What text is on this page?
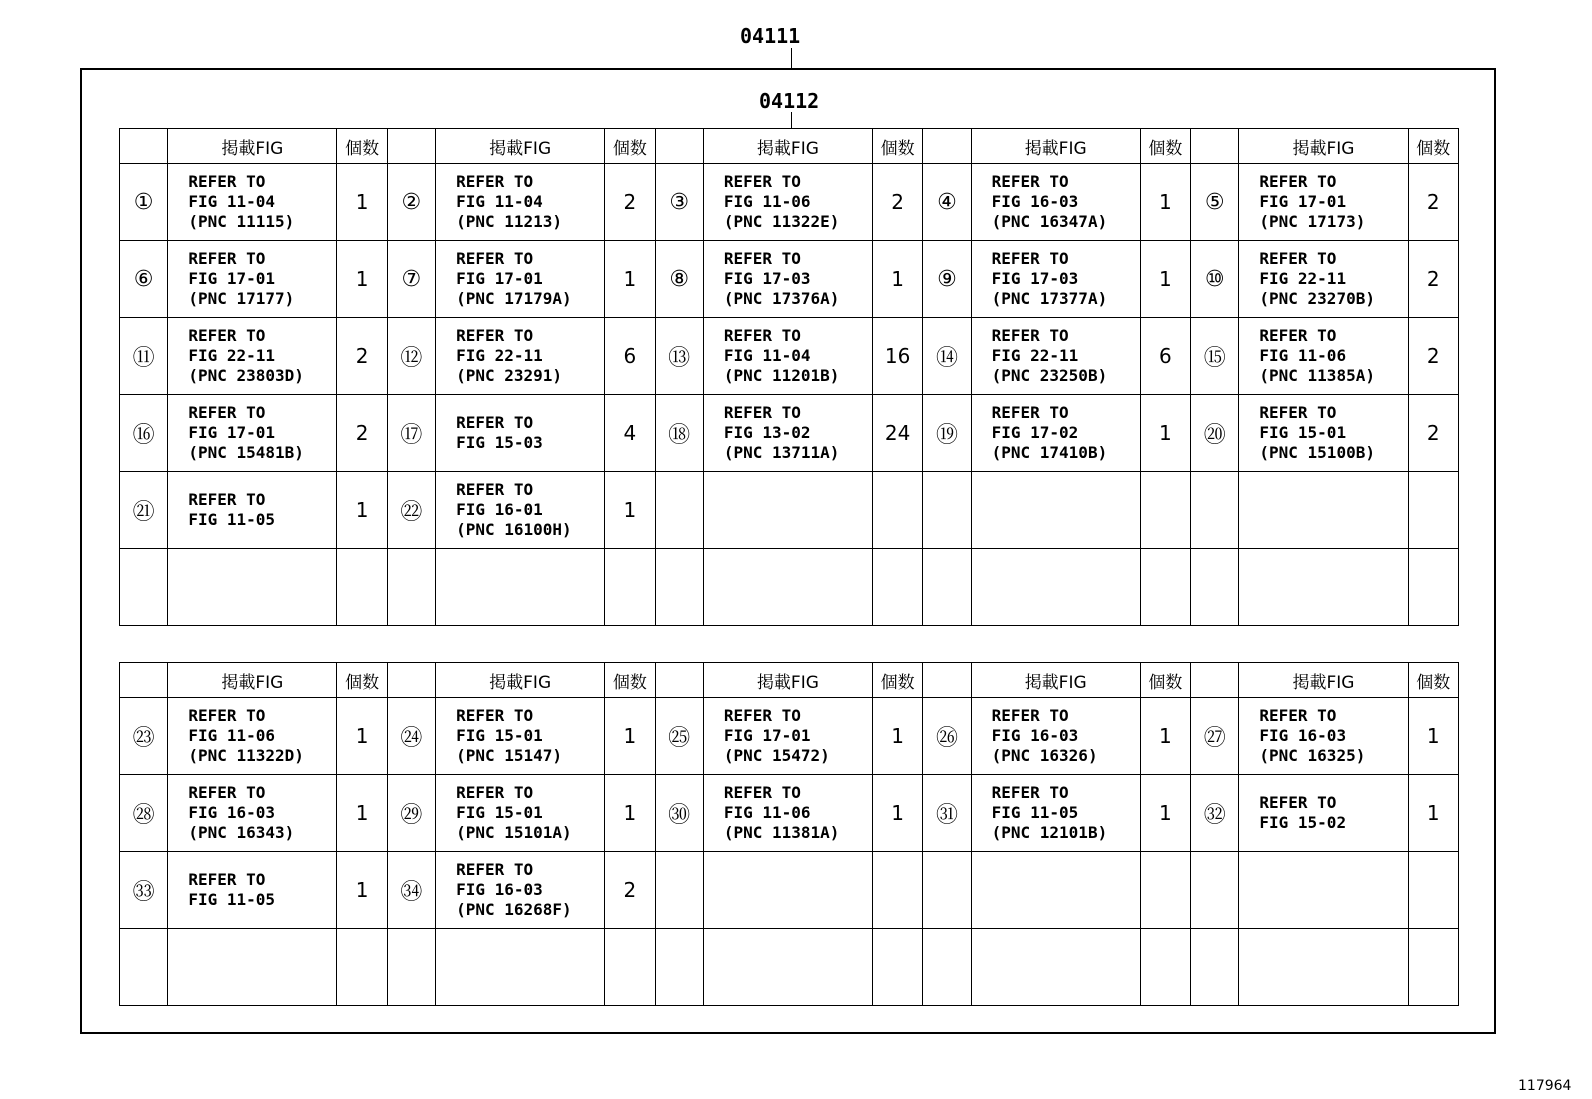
04111
04112
	掲載FIG	個数		掲載FIG	個数		掲載FIG	個数		掲載FIG	個数		掲載FIG	個数
①	REFER TO
FIG 11-04
(PNC 11115)	1	②	REFER TO
FIG 11-04
(PNC 11213)	2	③	REFER TO
FIG 11-06
(PNC 11322E)	2	④	REFER TO
FIG 16-03
(PNC 16347A)	1	⑤	REFER TO
FIG 17-01
(PNC 17173)	2
⑥	REFER TO
FIG 17-01
(PNC 17177)	1	⑦	REFER TO
FIG 17-01
(PNC 17179A)	1	⑧	REFER TO
FIG 17-03
(PNC 17376A)	1	⑨	REFER TO
FIG 17-03
(PNC 17377A)	1	⑩	REFER TO
FIG 22-11
(PNC 23270B)	2
⑪	REFER TO
FIG 22-11
(PNC 23803D)	2	⑫	REFER TO
FIG 22-11
(PNC 23291)	6	⑬	REFER TO
FIG 11-04
(PNC 11201B)	16	⑭	REFER TO
FIG 22-11
(PNC 23250B)	6	⑮	REFER TO
FIG 11-06
(PNC 11385A)	2
⑯	REFER TO
FIG 17-01
(PNC 15481B)	2	⑰	REFER TO
FIG 15-03	4	⑱	REFER TO
FIG 13-02
(PNC 13711A)	24	⑲	REFER TO
FIG 17-02
(PNC 17410B)	1	⑳	REFER TO
FIG 15-01
(PNC 15100B)	2
㉑	REFER TO
FIG 11-05	1	㉒	REFER TO
FIG 16-01
(PNC 16100H)	1									

	掲載FIG	個数		掲載FIG	個数		掲載FIG	個数		掲載FIG	個数		掲載FIG	個数
㉓	REFER TO
FIG 11-06
(PNC 11322D)	1	㉔	REFER TO
FIG 15-01
(PNC 15147)	1	㉕	REFER TO
FIG 17-01
(PNC 15472)	1	㉖	REFER TO
FIG 16-03
(PNC 16326)	1	㉗	REFER TO
FIG 16-03
(PNC 16325)	1
㉘	REFER TO
FIG 16-03
(PNC 16343)	1	㉙	REFER TO
FIG 15-01
(PNC 15101A)	1	㉚	REFER TO
FIG 11-06
(PNC 11381A)	1	㉛	REFER TO
FIG 11-05
(PNC 12101B)	1	㉜	REFER TO
FIG 15-02	1
㉝	REFER TO
FIG 11-05	1	㉞	REFER TO
FIG 16-03
(PNC 16268F)	2									

117964
